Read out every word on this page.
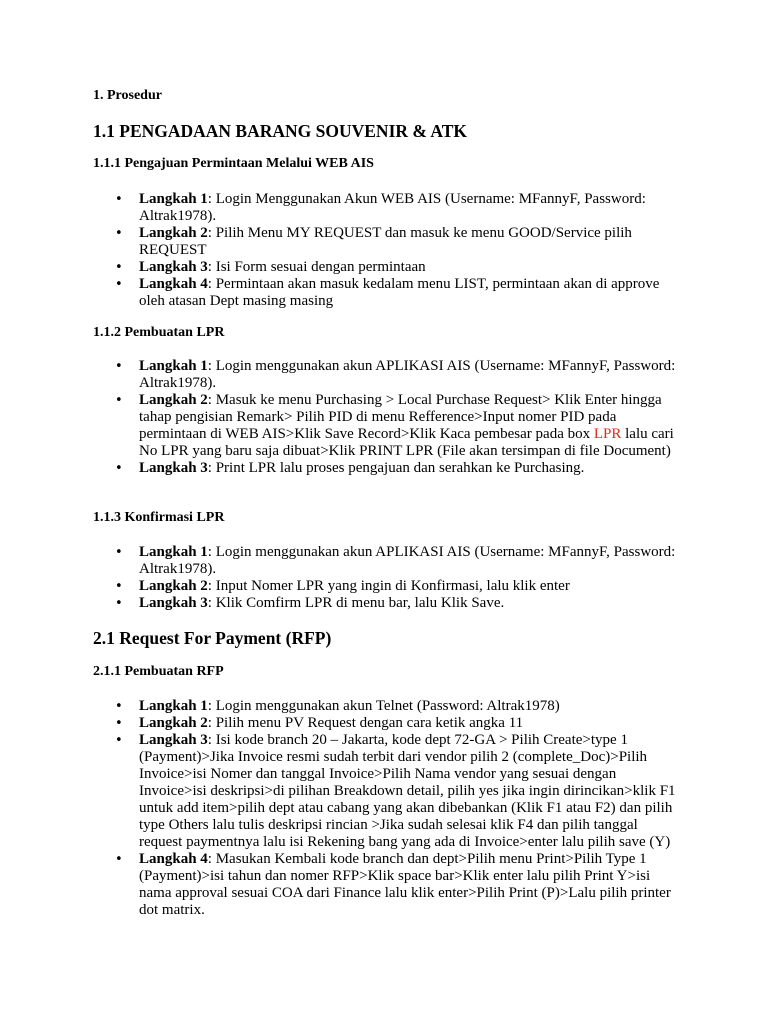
1. Prosedur

1.1 PENGADAAN BARANG SOUVENIR & ATK
1.1.1 Pengajuan Permintaan Melalui WEB AIS
• Langkah 1: Login Menggunakan Akun WEB AIS (Username: MFannyF, Password: Altrak1978).
• Langkah 2: Pilih Menu MY REQUEST dan masuk ke menu GOOD/Service pilih REQUEST
• Langkah 3: Isi Form sesuai dengan permintaan
• Langkah 4: Permintaan akan masuk kedalam menu LIST, permintaan akan di approve oleh atasan Dept masing masing
1.1.2 Pembuatan LPR
• Langkah 1: Login menggunakan akun APLIKASI AIS (Username: MFannyF, Password: Altrak1978).
• Langkah 2: Masuk ke menu Purchasing > Local Purchase Request> Klik Enter hingga tahap pengisian Remark> Pilih PID di menu Refference>Input nomer PID pada permintaan di WEB AIS>Klik Save Record>Klik Kaca pembesar pada box LPR lalu cari No LPR yang baru saja dibuat>Klik PRINT LPR (File akan tersimpan di file Document)
• Langkah 3: Print LPR lalu proses pengajuan dan serahkan ke Purchasing.
1.1.3 Konfirmasi LPR
• Langkah 1: Login menggunakan akun APLIKASI AIS (Username: MFannyF, Password: Altrak1978).
• Langkah 2: Input Nomer LPR yang ingin di Konfirmasi, lalu klik enter
• Langkah 3: Klik Comfirm LPR di menu bar, lalu Klik Save.
2.1 Request For Payment (RFP)
2.1.1 Pembuatan RFP
• Langkah 1: Login menggunakan akun Telnet (Password: Altrak1978)
• Langkah 2: Pilih menu PV Request dengan cara ketik angka 11
• Langkah 3: Isi kode branch 20 – Jakarta, kode dept 72-GA > Pilih Create>type 1 (Payment)>Jika Invoice resmi sudah terbit dari vendor pilih 2 (complete_Doc)>Pilih Invoice>isi Nomer dan tanggal Invoice>Pilih Nama vendor yang sesuai dengan Invoice>isi deskripsi>di pilihan Breakdown detail, pilih yes jika ingin dirincikan>klik F1 untuk add item>pilih dept atau cabang yang akan dibebankan (Klik F1 atau F2) dan pilih type Others lalu tulis deskripsi rincian >Jika sudah selesai klik F4 dan pilih tanggal request paymentnya lalu isi Rekening bang yang ada di Invoice>enter lalu pilih save (Y)
• Langkah 4: Masukan Kembali kode branch dan dept>Pilih menu Print>Pilih Type 1 (Payment)>isi tahun dan nomer RFP>Klik space bar>Klik enter lalu pilih Print Y>isi nama approval sesuai COA dari Finance lalu klik enter>Pilih Print (P)>Lalu pilih printer dot matrix.
